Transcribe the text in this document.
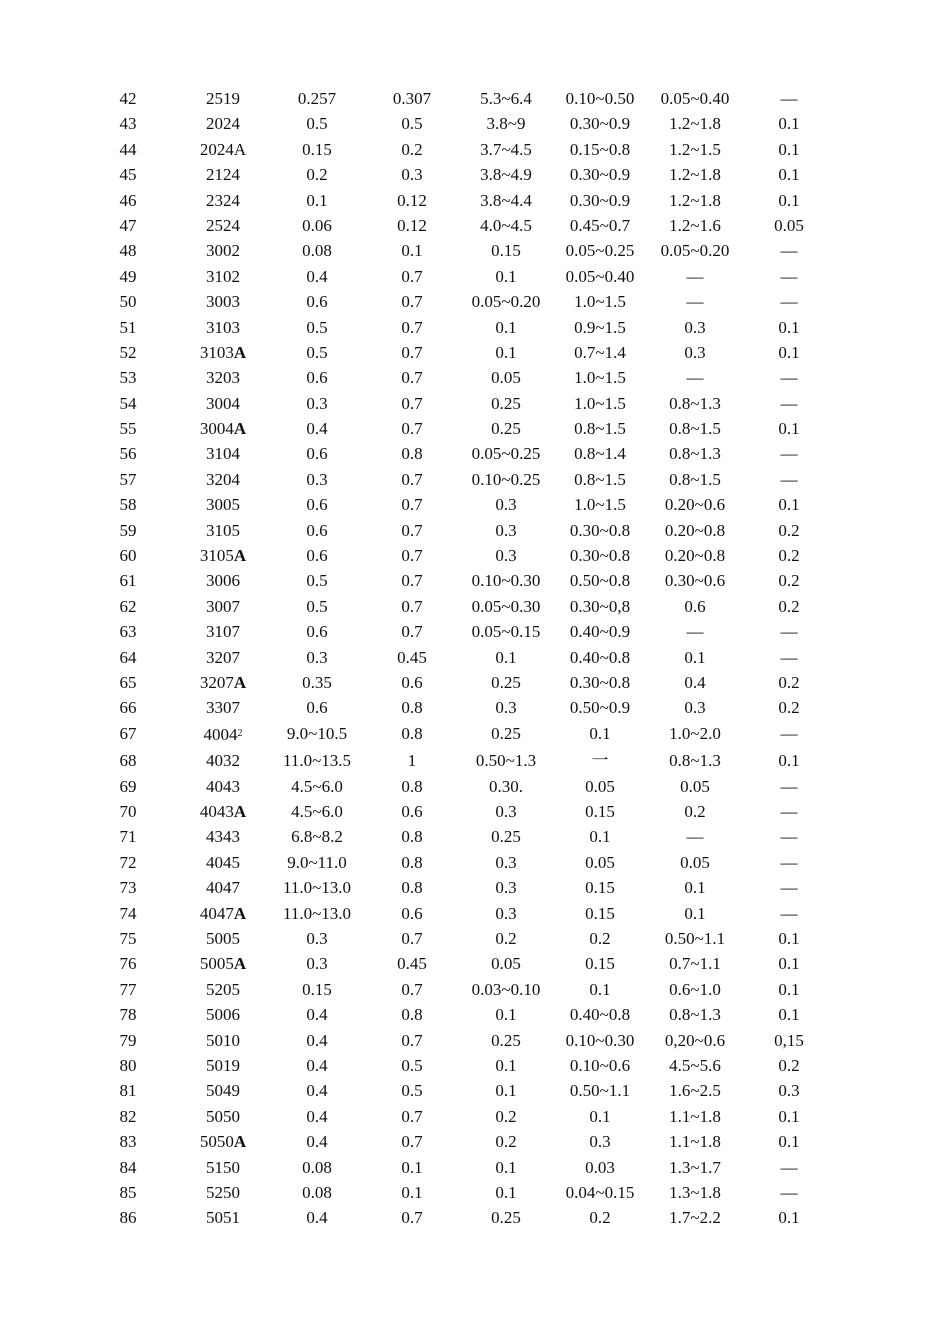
42	2519	0.257	0.307	5.3~6.4	0.10~0.50	0.05~0.40	—
43	2024	0.5	0.5	3.8~9	0.30~0.9	1.2~1.8	0.1
44	2024A	0.15	0.2	3.7~4.5	0.15~0.8	1.2~1.5	0.1
45	2124	0.2	0.3	3.8~4.9	0.30~0.9	1.2~1.8	0.1
46	2324	0.1	0.12	3.8~4.4	0.30~0.9	1.2~1.8	0.1
47	2524	0.06	0.12	4.0~4.5	0.45~0.7	1.2~1.6	0.05
48	3002	0.08	0.1	0.15	0.05~0.25	0.05~0.20	—
49	3102	0.4	0.7	0.1	0.05~0.40	—	—
50	3003	0.6	0.7	0.05~0.20	1.0~1.5	—	—
51	3103	0.5	0.7	0.1	0.9~1.5	0.3	0.1
52	3103A	0.5	0.7	0.1	0.7~1.4	0.3	0.1
53	3203	0.6	0.7	0.05	1.0~1.5	—	—
54	3004	0.3	0.7	0.25	1.0~1.5	0.8~1.3	—
55	3004A	0.4	0.7	0.25	0.8~1.5	0.8~1.5	0.1
56	3104	0.6	0.8	0.05~0.25	0.8~1.4	0.8~1.3	—
57	3204	0.3	0.7	0.10~0.25	0.8~1.5	0.8~1.5	—
58	3005	0.6	0.7	0.3	1.0~1.5	0.20~0.6	0.1
59	3105	0.6	0.7	0.3	0.30~0.8	0.20~0.8	0.2
60	3105A	0.6	0.7	0.3	0.30~0.8	0.20~0.8	0.2
61	3006	0.5	0.7	0.10~0.30	0.50~0.8	0.30~0.6	0.2
62	3007	0.5	0.7	0.05~0.30	0.30~0,8	0.6	0.2
63	3107	0.6	0.7	0.05~0.15	0.40~0.9	—	—
64	3207	0.3	0.45	0.1	0.40~0.8	0.1	—
65	3207A	0.35	0.6	0.25	0.30~0.8	0.4	0.2
66	3307	0.6	0.8	0.3	0.50~0.9	0.3	0.2
67	4004$^2$	9.0~10.5	0.8	0.25	0.1	1.0~2.0	—
68	4032	11.0~13.5	1	0.50~1.3	一	0.8~1.3	0.1
69	4043	4.5~6.0	0.8	0.30.	0.05	0.05	—
70	4043A	4.5~6.0	0.6	0.3	0.15	0.2	—
71	4343	6.8~8.2	0.8	0.25	0.1	—	—
72	4045	9.0~11.0	0.8	0.3	0.05	0.05	—
73	4047	11.0~13.0	0.8	0.3	0.15	0.1	—
74	4047A	11.0~13.0	0.6	0.3	0.15	0.1	—
75	5005	0.3	0.7	0.2	0.2	0.50~1.1	0.1
76	5005A	0.3	0.45	0.05	0.15	0.7~1.1	0.1
77	5205	0.15	0.7	0.03~0.10	0.1	0.6~1.0	0.1
78	5006	0.4	0.8	0.1	0.40~0.8	0.8~1.3	0.1
79	5010	0.4	0.7	0.25	0.10~0.30	0,20~0.6	0,15
80	5019	0.4	0.5	0.1	0.10~0.6	4.5~5.6	0.2
81	5049	0.4	0.5	0.1	0.50~1.1	1.6~2.5	0.3
82	5050	0.4	0.7	0.2	0.1	1.1~1.8	0.1
83	5050A	0.4	0.7	0.2	0.3	1.1~1.8	0.1
84	5150	0.08	0.1	0.1	0.03	1.3~1.7	—
85	5250	0.08	0.1	0.1	0.04~0.15	1.3~1.8	—
86	5051	0.4	0.7	0.25	0.2	1.7~2.2	0.1
